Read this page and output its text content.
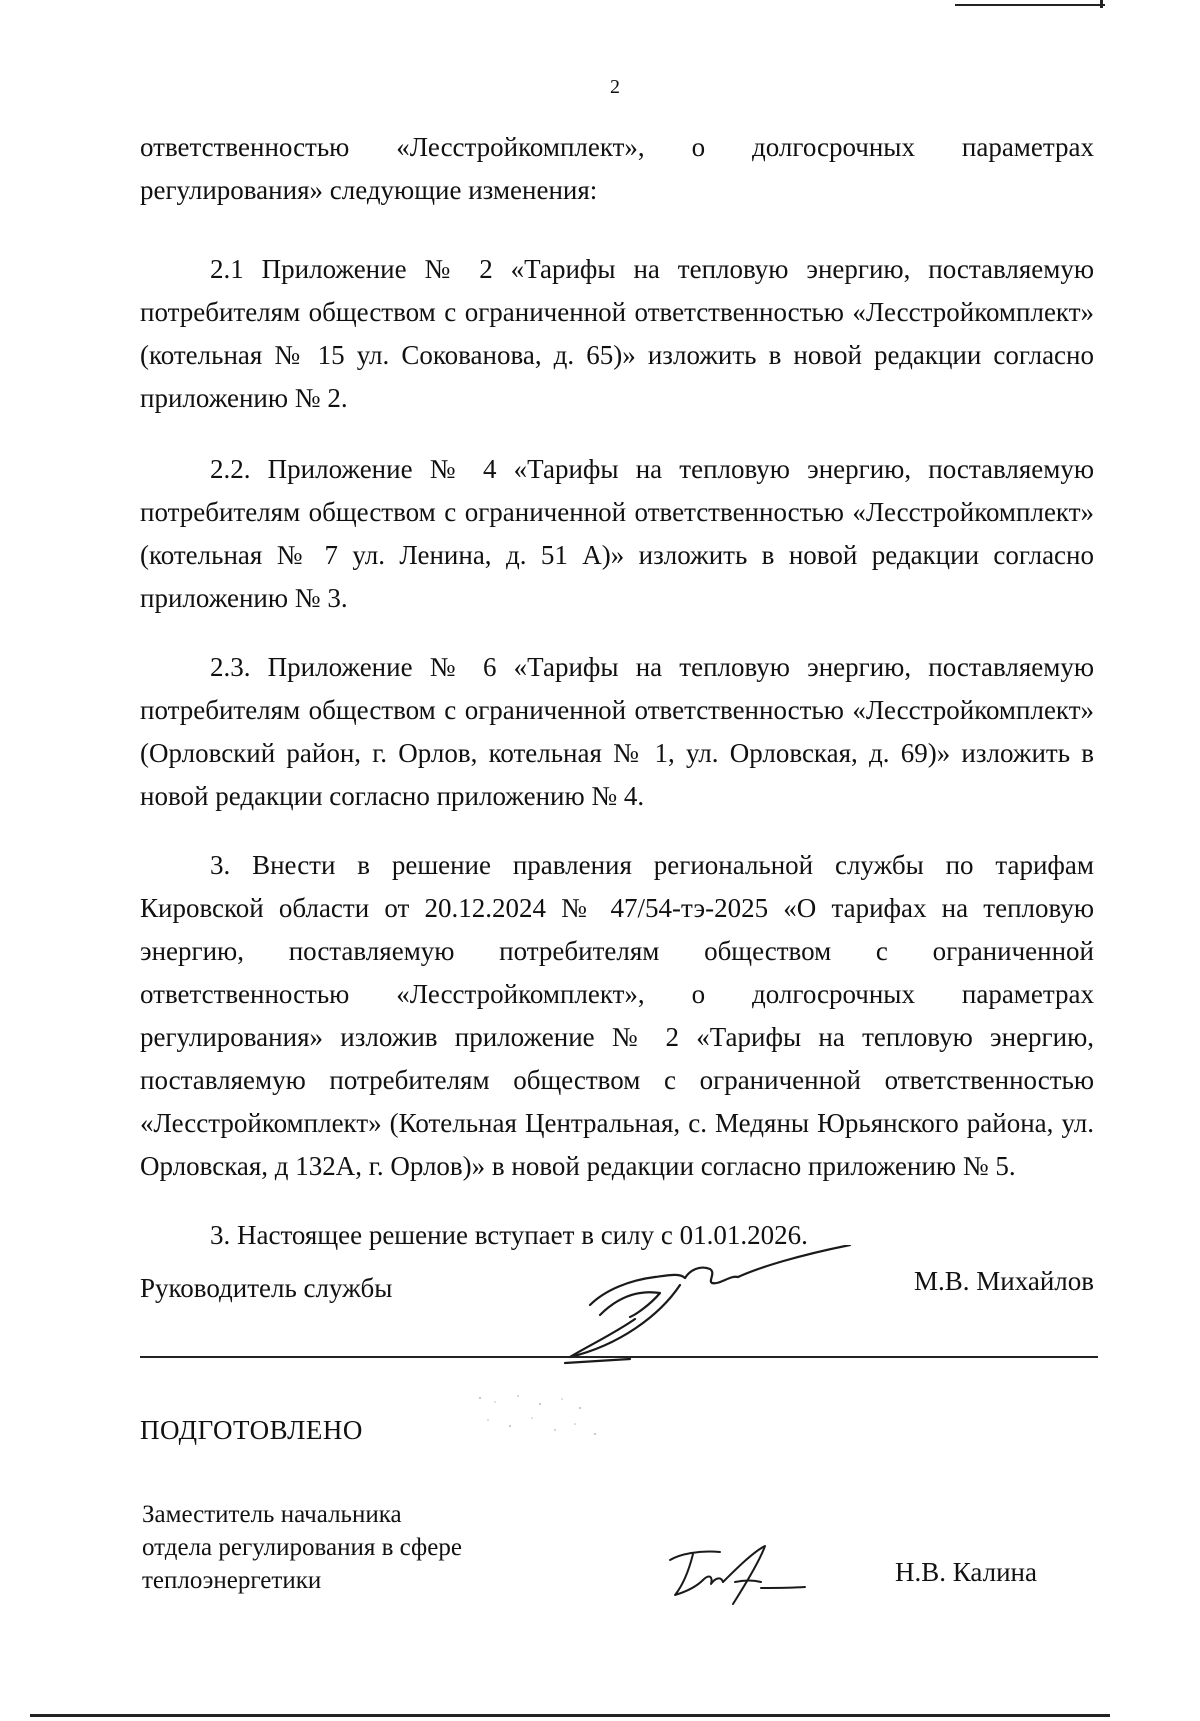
2

ответственностью «Лесстройкомплект», о долгосрочных параметрах регулирования» следующие изменения:

2.1 Приложение № 2 «Тарифы на тепловую энергию, поставляемую потребителям обществом с ограниченной ответственностью «Лесстройкомплект» (котельная № 15 ул. Сокованова, д. 65)» изложить в новой редакции согласно приложению № 2.

2.2. Приложение № 4 «Тарифы на тепловую энергию, поставляемую потребителям обществом с ограниченной ответственностью «Лесстройкомплект» (котельная № 7 ул. Ленина, д. 51 А)» изложить в новой редакции согласно приложению № 3.

2.3. Приложение № 6 «Тарифы на тепловую энергию, поставляемую потребителям обществом с ограниченной ответственностью «Лесстройкомплект» (Орловский район, г. Орлов, котельная № 1, ул. Орловская, д. 69)» изложить в новой редакции согласно приложению № 4.

3. Внести в решение правления региональной службы по тарифам Кировской области от 20.12.2024 № 47/54-тэ-2025 «О тарифах на тепловую энергию, поставляемую потребителям обществом с ограниченной ответственностью «Лесстройкомплект», о долгосрочных параметрах регулирования» изложив приложение № 2 «Тарифы на тепловую энергию, поставляемую потребителям обществом с ограниченной ответственностью «Лесстройкомплект» (Котельная Центральная, с. Медяны Юрьянского района, ул. Орловская, д 132А, г. Орлов)» в новой редакции согласно приложению № 5.

3. Настоящее решение вступает в силу с 01.01.2026.

Руководитель службы	М.В. Михайлов
ПОДГОТОВЛЕНО
Заместитель начальника
отдела регулирования в сфере
теплоэнергетики	Н.В. Калина
